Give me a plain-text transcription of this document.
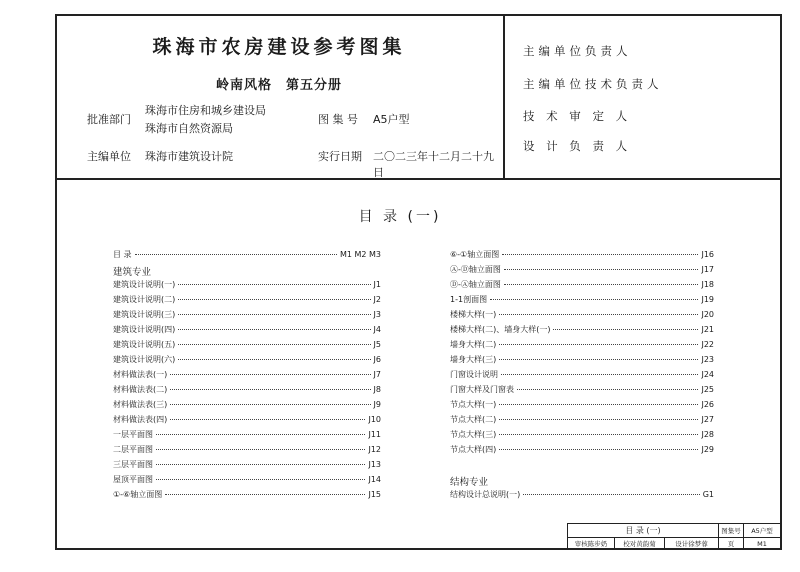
珠海市农房建设参考图集
岭南风格　第五分册
批准部门
珠海市住房和城乡建设局
珠海市自然资源局
图 集 号 A5户型
主编单位 珠海市建筑设计院	实行日期 二〇二三年十二月二十九日
主编单位负责人
主编单位技术负责人
技 术 审 定 人
设 计 负 责 人
目 录 (一)
目 录 (一)	图集号	A5户型
审核陈步奶	校对黄韵菊	设计徐梦蓉	页	M1
目 录	M1 M2 M3
建筑专业
建筑设计说明(一)	J1
建筑设计说明(二)	J2
建筑设计说明(三)	J3
建筑设计说明(四)	J4
建筑设计说明(五)	J5
建筑设计说明(六)	J6
材料做法表(一)	J7
材料做法表(二)	J8
材料做法表(三)	J9
材料做法表(四)	J10
一层平面图	J11
二层平面图	J12
三层平面图	J13
屋顶平面图	J14
①-⑥轴立面图	J15
⑥-①轴立面图	J16
Ⓐ-Ⓓ轴立面图	J17
Ⓓ-Ⓐ轴立面图	J18
1-1剖面图	J19
楼梯大样(一)	J20
楼梯大样(二)、墙身大样(一)	J21
墙身大样(二)	J22
墙身大样(三)	J23
门窗设计说明	J24
门窗大样及门窗表	J25
节点大样(一)	J26
节点大样(二)	J27
节点大样(三)	J28
节点大样(四)	J29
结构专业
结构设计总说明(一)	G1
